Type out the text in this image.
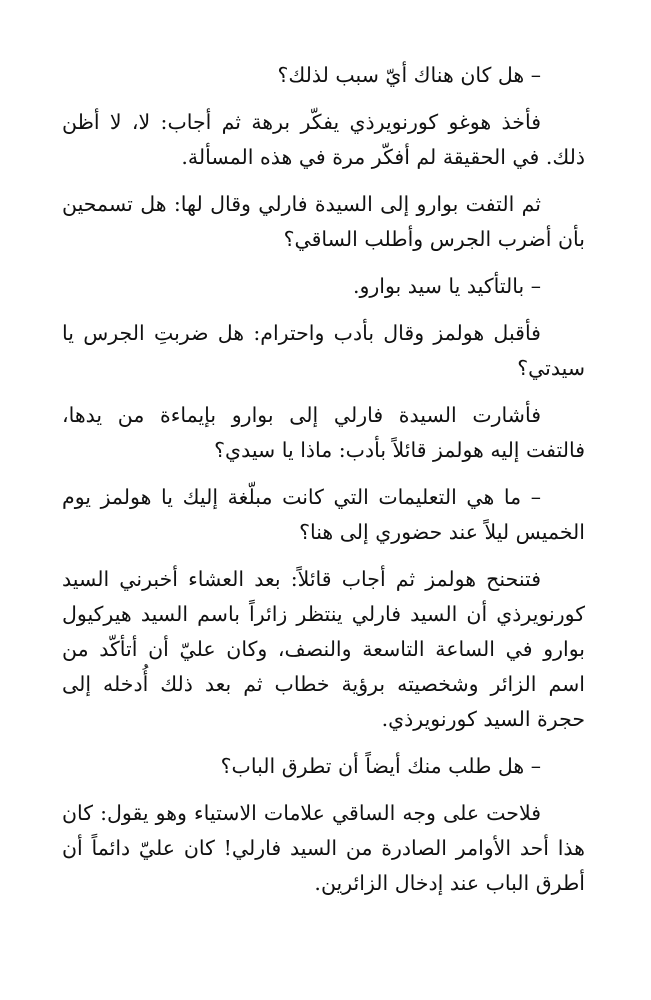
– هل كان هناك أيّ سبب لذلك؟

فأخذ هوغو كورنويرذي يفكّر برهة ثم أجاب: لا، لا أظن ذلك. في الحقيقة لم أفكّر مرة في هذه المسألة.

ثم التفت بوارو إلى السيدة فارلي وقال لها: هل تسمحين بأن أضرب الجرس وأطلب الساقي؟

– بالتأكيد يا سيد بوارو.

فأقبل هولمز وقال بأدب واحترام: هل ضربتِ الجرس يا سيدتي؟

فأشارت السيدة فارلي إلى بوارو بإيماءة من يدها، فالتفت إليه هولمز قائلاً بأدب: ماذا يا سيدي؟

– ما هي التعليمات التي كانت مبلّغة إليك يا هولمز يوم الخميس ليلاً عند حضوري إلى هنا؟

فتنحنح هولمز ثم أجاب قائلاً: بعد العشاء أخبرني السيد كورنويرذي أن السيد فارلي ينتظر زائراً باسم السيد هيركيول بوارو في الساعة التاسعة والنصف، وكان عليّ أن أتأكّد من اسم الزائر وشخصيته برؤية خطاب ثم بعد ذلك أُدخله إلى حجرة السيد كورنويرذي.

– هل طلب منك أيضاً أن تطرق الباب؟

فلاحت على وجه الساقي علامات الاستياء وهو يقول: كان هذا أحد الأوامر الصادرة من السيد فارلي! كان عليّ دائماً أن أطرق الباب عند إدخال الزائرين.
